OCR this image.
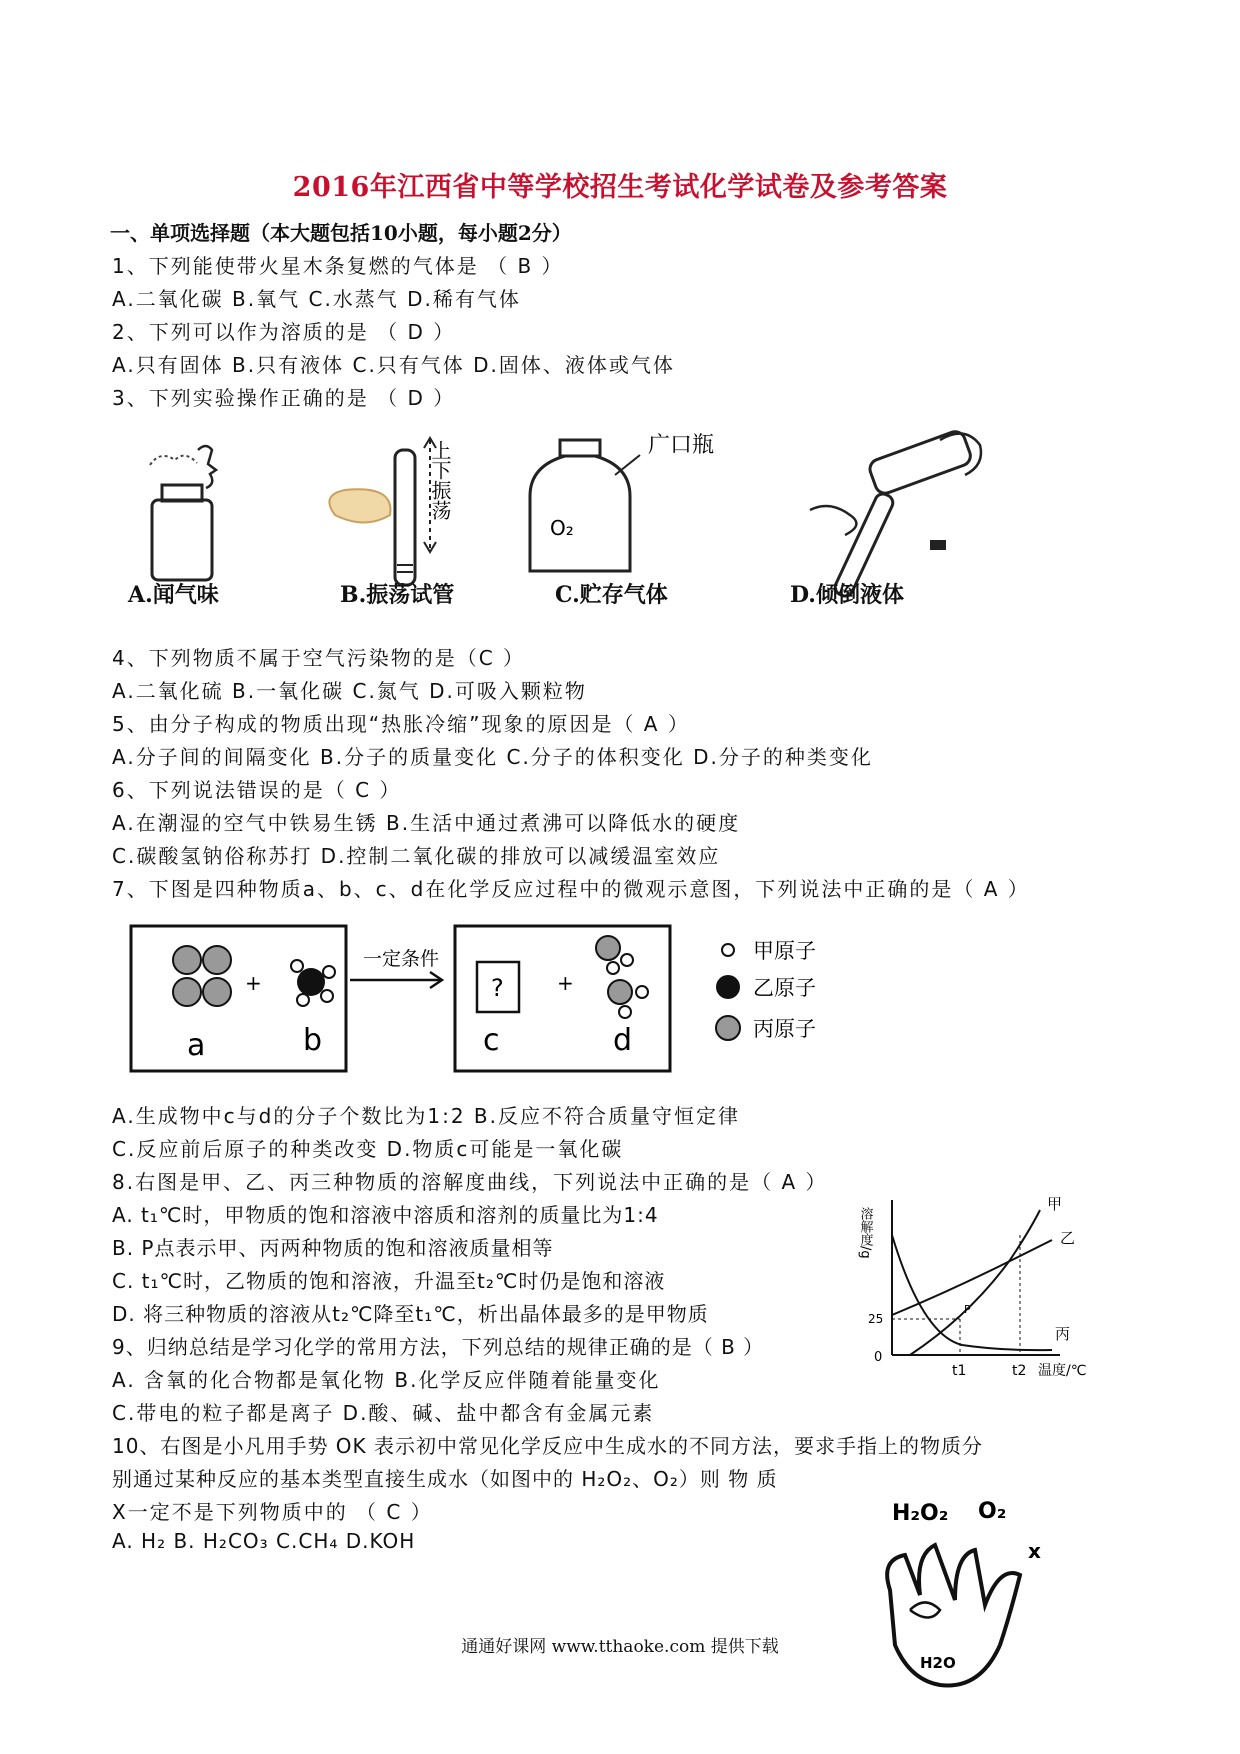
2016年江西省中等学校招生考试化学试卷及参考答案
一、单项选择题（本大题包括10小题，每小题2分）
1、下列能使带火星木条复燃的气体是 （ B ）
A.二氧化碳 B.氧气 C.水蒸气 D.稀有气体
2、下列可以作为溶质的是 （ D ）
A.只有固体 B.只有液体 C.只有气体 D.固体、液体或气体
3、下列实验操作正确的是 （ D ）
上下振荡
O₂
广口瓶
A.闻气味	B.振荡试管	C.贮存气体	D.倾倒液体
4、下列物质不属于空气污染物的是（C ）
A.二氧化硫 B.一氧化碳 C.氮气 D.可吸入颗粒物
5、由分子构成的物质出现“热胀冷缩”现象的原因是（ A ）
A.分子间的间隔变化 B.分子的质量变化 C.分子的体积变化 D.分子的种类变化
6、下列说法错误的是（ C ）
A.在潮湿的空气中铁易生锈 B.生活中通过煮沸可以降低水的硬度
C.碳酸氢钠俗称苏打 D.控制二氧化碳的排放可以减缓温室效应
7、下图是四种物质a、b、c、d在化学反应过程中的微观示意图，下列说法中正确的是（ A ）
+
a	b
一定条件
?	+
c	d
甲原子
乙原子
丙原子
A.生成物中c与d的分子个数比为1:2 B.反应不符合质量守恒定律
C.反应前后原子的种类改变 D.物质c可能是一氧化碳
8.右图是甲、乙、丙三种物质的溶解度曲线，下列说法中正确的是（ A ）
A. t₁℃时，甲物质的饱和溶液中溶质和溶剂的质量比为1:4
B. P点表示甲、丙两种物质的饱和溶液质量相等
C. t₁℃时，乙物质的饱和溶液，升温至t₂℃时仍是饱和溶液
D. 将三种物质的溶液从t₂℃降至t₁℃，析出晶体最多的是甲物质
9、归纳总结是学习化学的常用方法，下列总结的规律正确的是（ B ）
A. 含氧的化合物都是氧化物 B.化学反应伴随着能量变化
C.带电的粒子都是离子 D.酸、碱、盐中都含有金属元素
溶解度/g
甲
乙
丙
P
25
0
t1	t2 温度/℃
10、右图是小凡用手势 OK 表示初中常见化学反应中生成水的不同方法，要求手指上的物质分
别通过某种反应的基本类型直接生成水（如图中的 H₂O₂、O₂）则 物 质
X一定不是下列物质中的 （ C ）
A. H₂ B. H₂CO₃ C.CH₄ D.KOH
H₂O₂ O₂
x
H2O
通通好课网 www.tthaoke.com 提供下载
